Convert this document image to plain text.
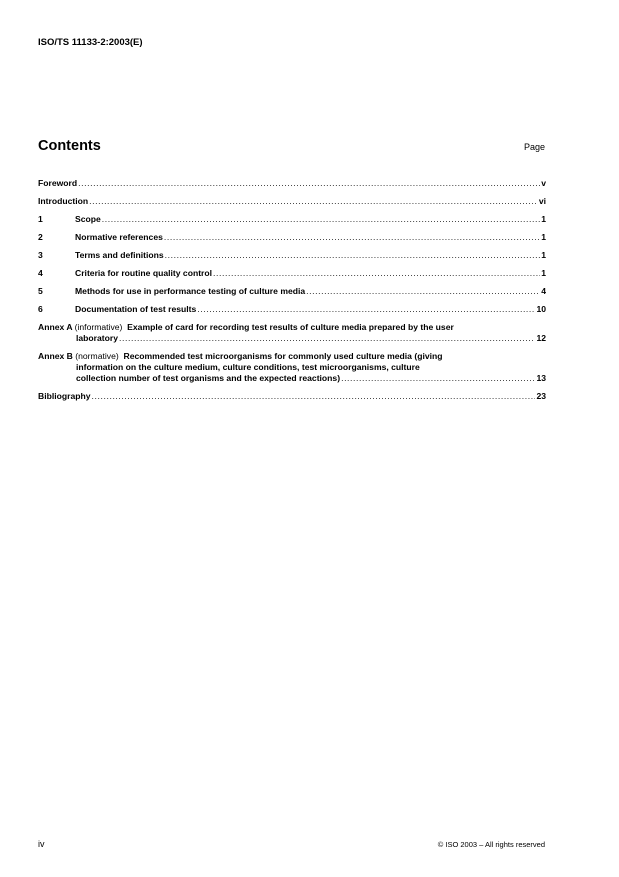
ISO/TS 11133-2:2003(E)
Contents	Page
Foreword .....	v
Introduction .....	vi
1	Scope .....	1
2	Normative references .....	1
3	Terms and definitions .....	1
4	Criteria for routine quality control .....	1
5	Methods for use in performance testing of culture media .....	4
6	Documentation of test results .....	10
Annex A (informative) Example of card for recording test results of culture media prepared by the user
laboratory .....	12
Annex B (normative) Recommended test microorganisms for commonly used culture media (giving
information on the culture medium, culture conditions, test microorganisms, culture
collection number of test organisms and the expected reactions) .....	13
Bibliography .....	23
iv	© ISO 2003 – All rights reserved
